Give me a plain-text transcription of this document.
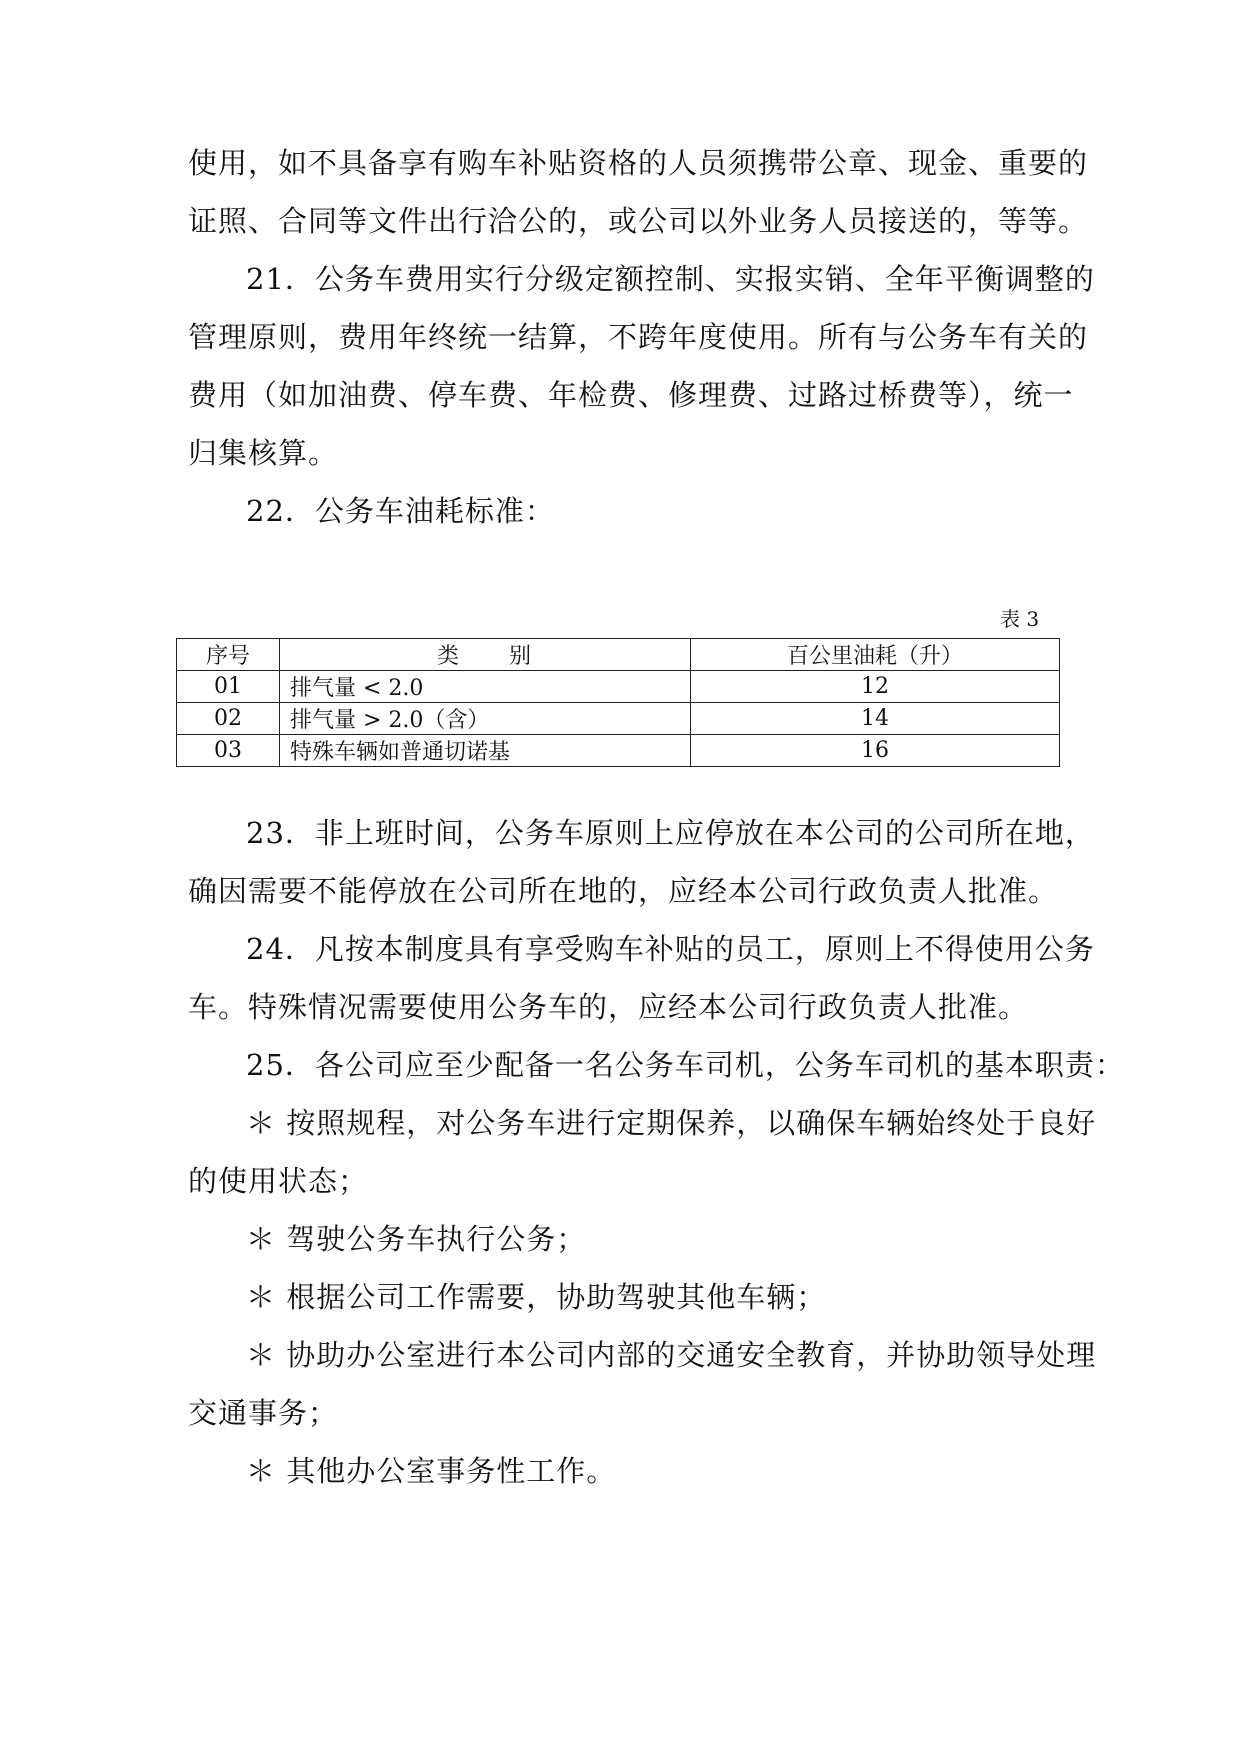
使用，如不具备享有购车补贴资格的人员须携带公章、现金、重要的
证照、合同等文件出行洽公的，或公司以外业务人员接送的，等等。
21．公务车费用实行分级定额控制、实报实销、全年平衡调整的
管理原则，费用年终统一结算，不跨年度使用。所有与公务车有关的
费用（如加油费、停车费、年检费、修理费、过路过桥费等），统一
归集核算。
22．公务车油耗标准：
表 3
序号	类　　别	百公里油耗（升）
01	排气量 < 2.0	12
02	排气量 > 2.0（含）	14
03	特殊车辆如普通切诺基	16
23．非上班时间，公务车原则上应停放在本公司的公司所在地，
确因需要不能停放在公司所在地的，应经本公司行政负责人批准。
24．凡按本制度具有享受购车补贴的员工，原则上不得使用公务
车。特殊情况需要使用公务车的，应经本公司行政负责人批准。
25．各公司应至少配备一名公务车司机，公务车司机的基本职责：
＊ 按照规程，对公务车进行定期保养，以确保车辆始终处于良好
的使用状态；
＊ 驾驶公务车执行公务；
＊ 根据公司工作需要，协助驾驶其他车辆；
＊ 协助办公室进行本公司内部的交通安全教育，并协助领导处理
交通事务；
＊ 其他办公室事务性工作。
